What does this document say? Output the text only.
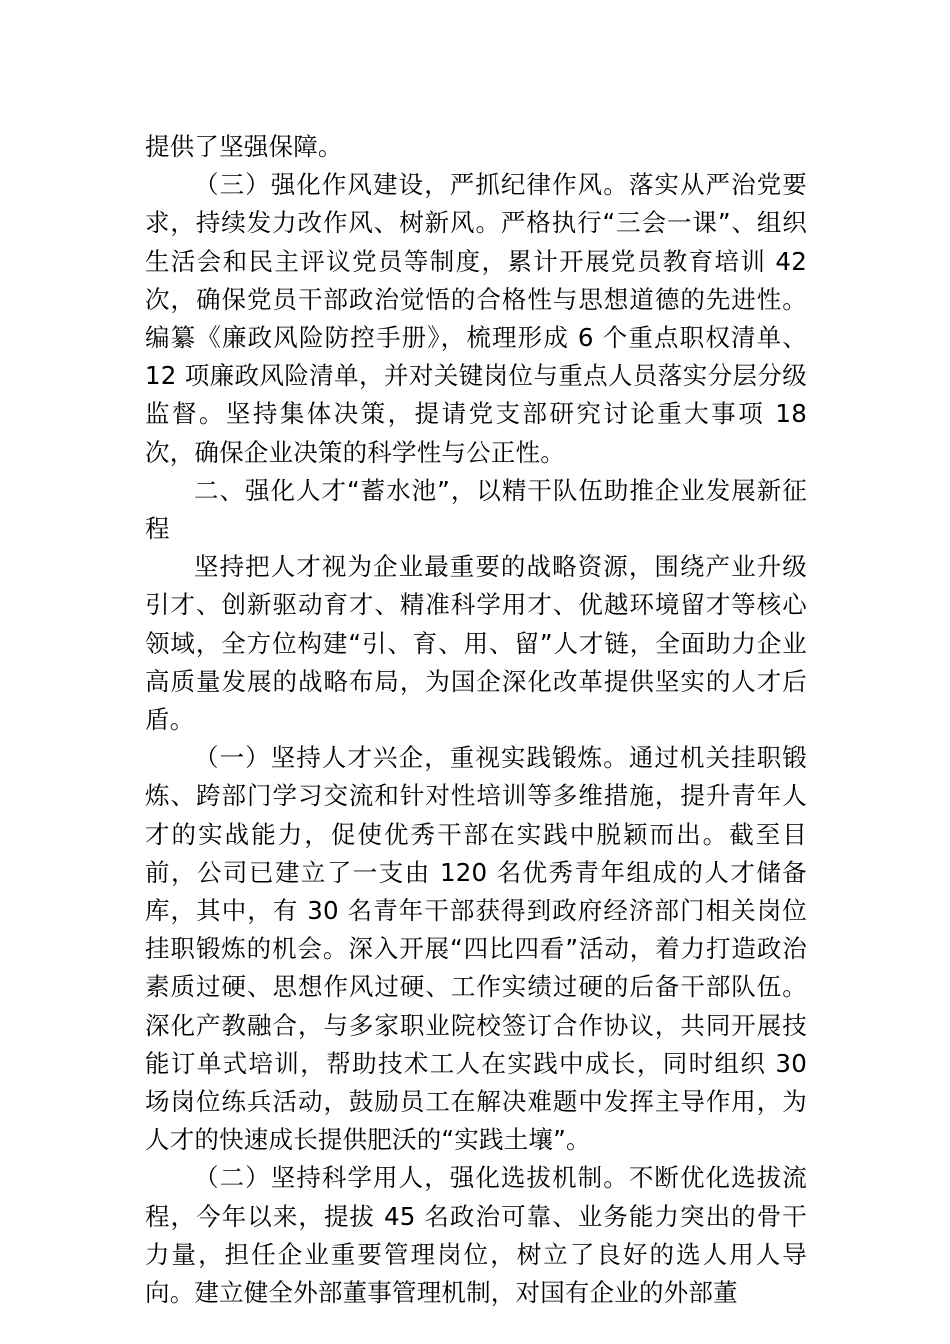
提供了坚强保障。

（三）强化作风建设，严抓纪律作风。落实从严治党要求，持续发力改作风、树新风。严格执行“三会一课”、组织生活会和民主评议党员等制度，累计开展党员教育培训 42 次，确保党员干部政治觉悟的合格性与思想道德的先进性。编纂《廉政风险防控手册》，梳理形成 6 个重点职权清单、12 项廉政风险清单，并对关键岗位与重点人员落实分层分级监督。坚持集体决策，提请党支部研究讨论重大事项 18 次，确保企业决策的科学性与公正性。

二、强化人才“蓄水池”，以精干队伍助推企业发展新征程

坚持把人才视为企业最重要的战略资源，围绕产业升级引才、创新驱动育才、精准科学用才、优越环境留才等核心领域，全方位构建“引、育、用、留”人才链，全面助力企业高质量发展的战略布局，为国企深化改革提供坚实的人才后盾。

（一）坚持人才兴企，重视实践锻炼。通过机关挂职锻炼、跨部门学习交流和针对性培训等多维措施，提升青年人才的实战能力，促使优秀干部在实践中脱颖而出。截至目前，公司已建立了一支由 120 名优秀青年组成的人才储备库，其中，有 30 名青年干部获得到政府经济部门相关岗位挂职锻炼的机会。深入开展“四比四看”活动，着力打造政治素质过硬、思想作风过硬、工作实绩过硬的后备干部队伍。深化产教融合，与多家职业院校签订合作协议，共同开展技能订单式培训，帮助技术工人在实践中成长，同时组织 30 场岗位练兵活动，鼓励员工在解决难题中发挥主导作用，为人才的快速成长提供肥沃的“实践土壤”。

（二）坚持科学用人，强化选拔机制。不断优化选拔流程，今年以来，提拔 45 名政治可靠、业务能力突出的骨干力量，担任企业重要管理岗位，树立了良好的选人用人导向。建立健全外部董事管理机制，对国有企业的外部董
